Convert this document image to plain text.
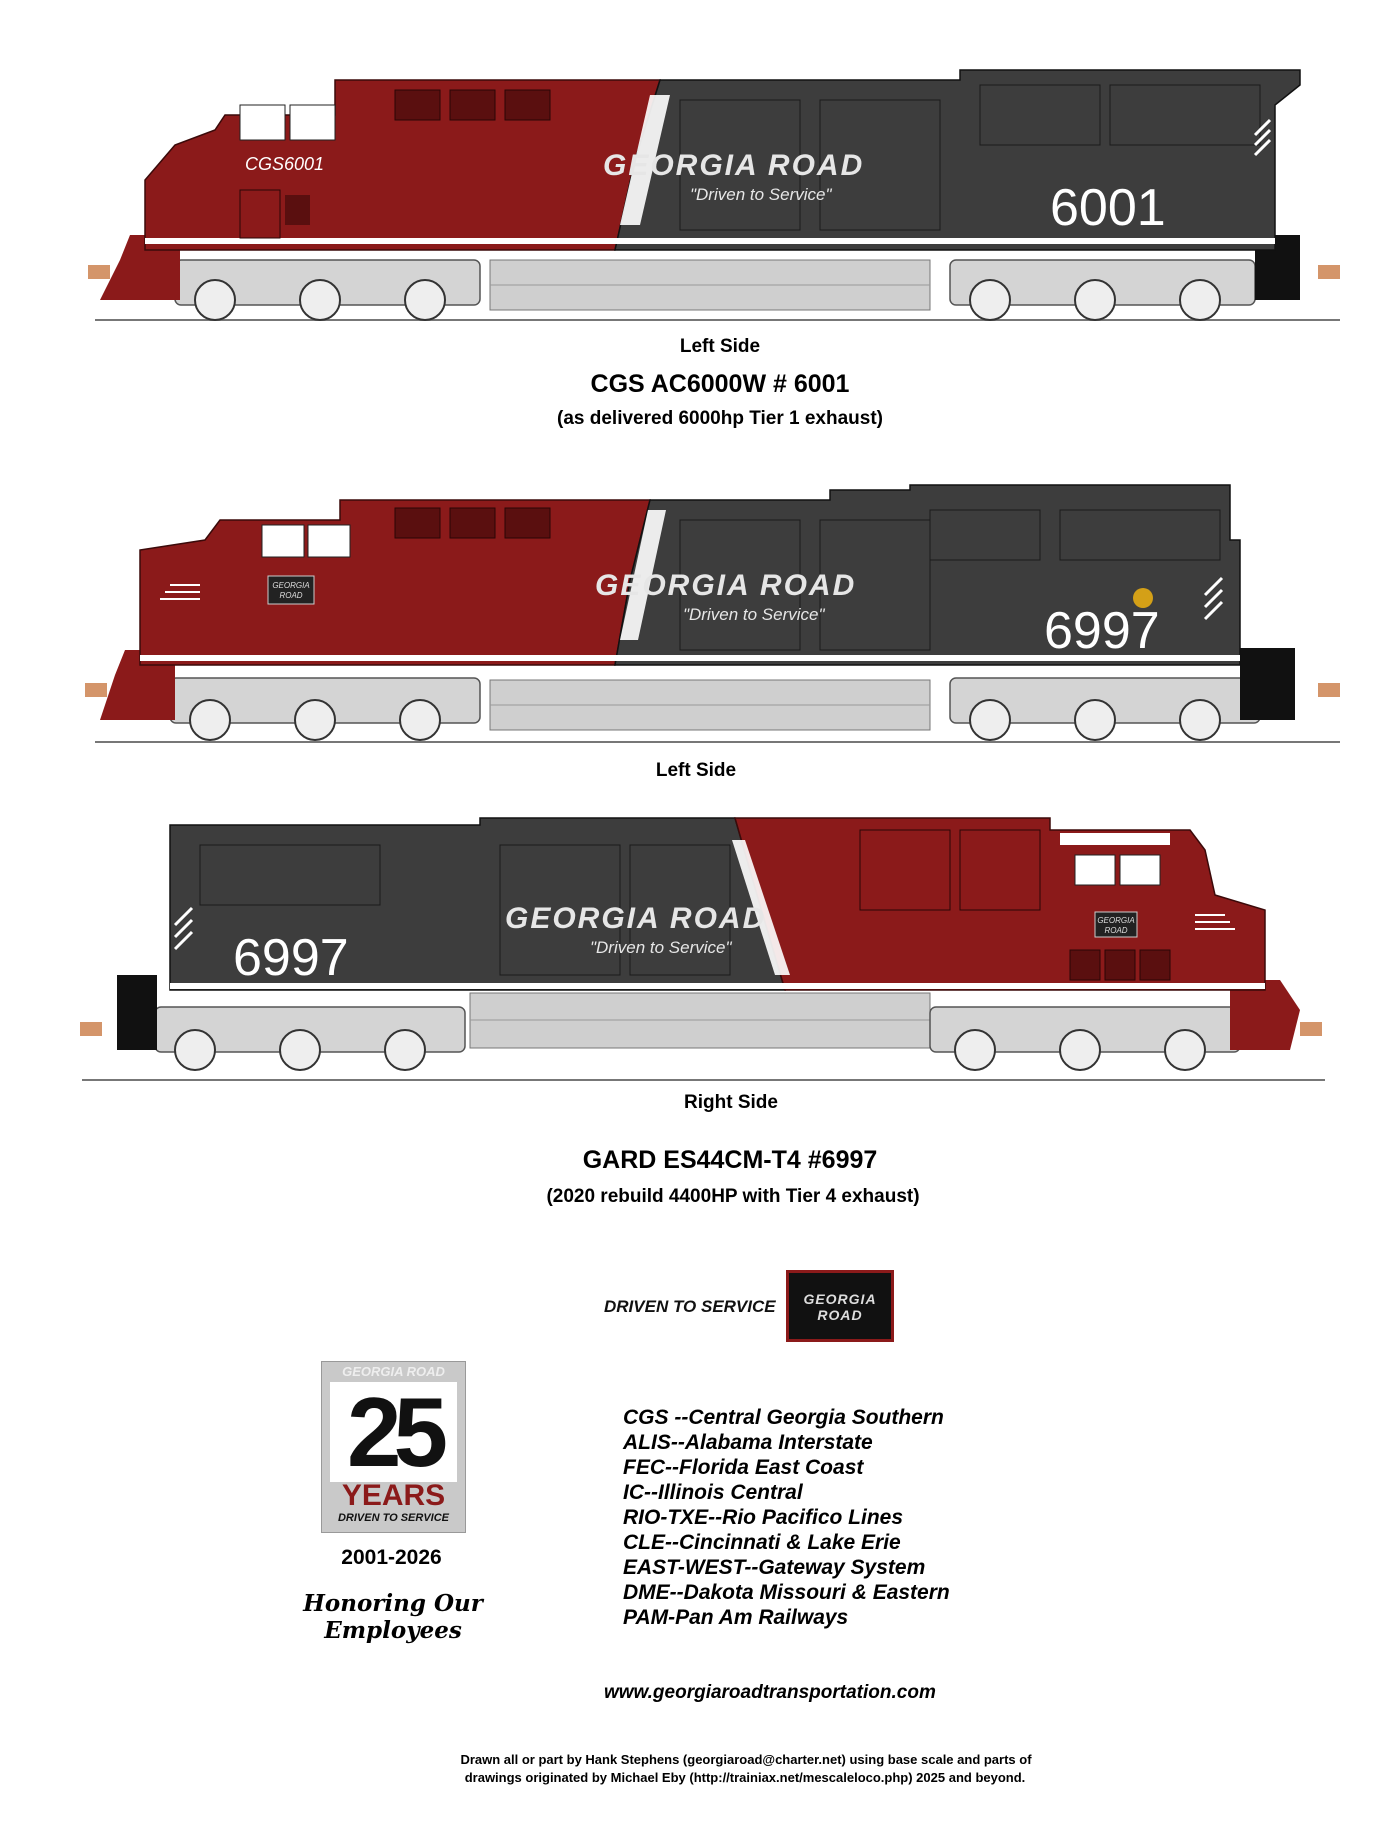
CGS6001	GEORGIA ROAD
"Driven to Service"	6001
Left Side
CGS AC6000W # 6001
(as delivered 6000hp Tier 1 exhaust)
GEORGIA
ROAD	GEORGIA ROAD
"Driven to Service"	6997
Left Side
GEORGIA
ROAD
GEORGIA ROAD
"Driven to Service"
6997
Right Side
GARD ES44CM-T4 #6997
(2020 rebuild 4400HP with Tier 4 exhaust)
DRIVEN TO SERVICE	GEORGIA
ROAD
GEORGIA ROAD
25
YEARS
DRIVEN TO SERVICE
2001-2026
Honoring Our Employees
CGS --Central Georgia Southern
ALIS--Alabama Interstate
FEC--Florida East Coast
IC--Illinois Central
RIO-TXE--Rio Pacifico Lines
CLE--Cincinnati & Lake Erie
EAST-WEST--Gateway System
DME--Dakota Missouri & Eastern
PAM-Pan Am Railways
www.georgiaroadtransportation.com
Drawn all or part by Hank Stephens (georgiaroad@charter.net) using base scale and parts of
drawings originated by Michael Eby (http://trainiax.net/mescaleloco.php) 2025 and beyond.
